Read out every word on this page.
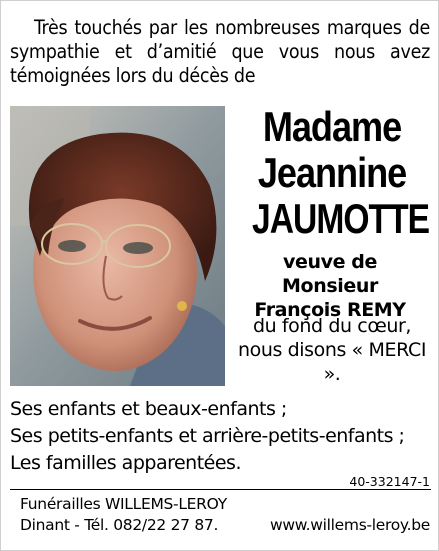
Très touchés par les nombreuses marques de sympathie et d’amitié que vous nous avez témoignées lors du décès de
Madame
Jeannine
JAUMOTTE
veuve de Monsieur
François REMY
du fond du cœur, nous disons « MERCI ».
Ses enfants et beaux-enfants ;
Ses petits-enfants et arrière-petits-enfants ;
Les familles apparentées.
40-332147-1
Funérailles WILLEMS-LEROY
Dinant - Tél. 082/22 27 87.	www.willems-leroy.be
